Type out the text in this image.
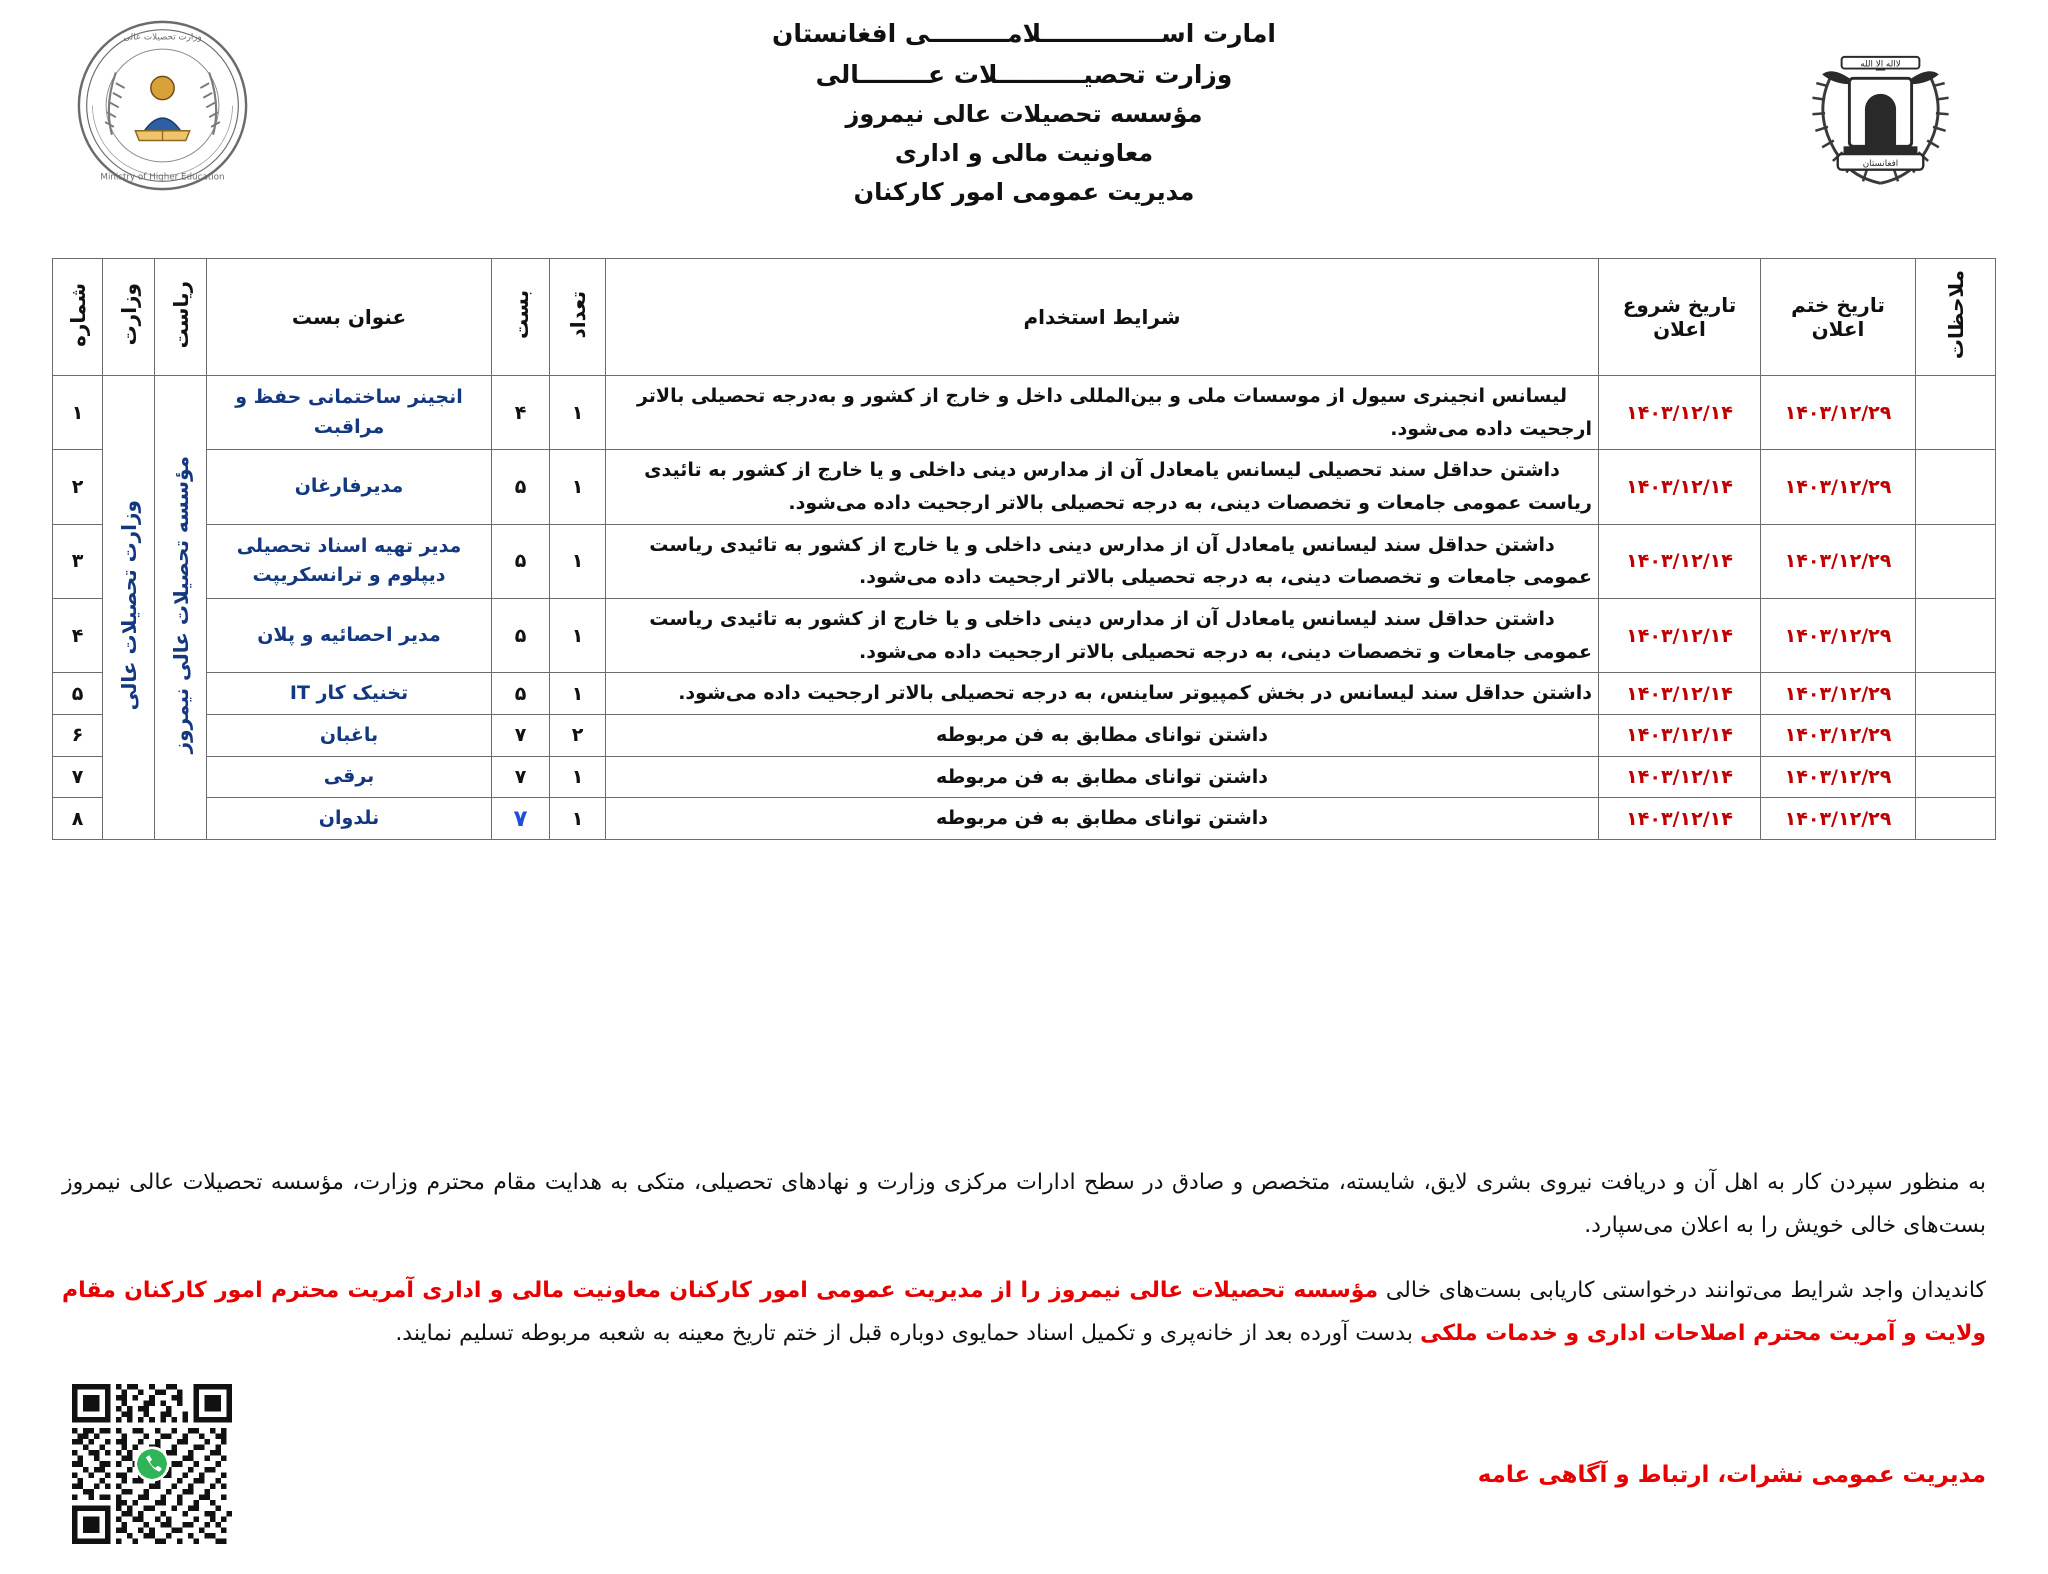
Ministry of Higher Education
وزارت تحصیلات عالی
لااله الا الله
افغانستان
امارت اســــــــــــــلامـــــــــی افغانستان
وزارت تحصیــــــــــلات عــــــــالی
مؤسسه تحصیلات عالی نیمروز
معاونیت مالی و اداری
مدیریت عمومی امور کارکنان
ملاحظات	تاریخ ختم اعلان	تاریخ شروع اعلان	شرایط استخدام	تعداد	بست	عنوان بست	ریاست	وزارت	شماره
	۱۴۰۳/۱۲/۲۹	۱۴۰۳/۱۲/۱۴	لیسانس انجینری سیول از موسسات ملی و بین‌المللی داخل و خارج از کشور و به‌درجه تحصیلی بالاتر ارجحیت داده می‌شود.	۱	۴	انجینر ساختمانی حفظ و مراقبت	مؤسسه تحصیلات عالی نیمروز	وزارت تحصیلات عالی	۱
	۱۴۰۳/۱۲/۲۹	۱۴۰۳/۱۲/۱۴	داشتن حداقل سند تحصیلی لیسانس یامعادل آن از مدارس دینی داخلی و یا خارج از کشور به تائیدی ریاست عمومی جامعات و تخصصات دینی، به درجه تحصیلی بالاتر ارجحیت داده می‌شود.	۱	۵	مدیرفارغان			۲
	۱۴۰۳/۱۲/۲۹	۱۴۰۳/۱۲/۱۴	داشتن حداقل سند لیسانس یامعادل آن از مدارس دینی داخلی و یا خارج از کشور به تائیدی ریاست عمومی جامعات و تخصصات دینی، به درجه تحصیلی بالاتر ارجحیت داده می‌شود.	۱	۵	مدیر تهیه اسناد تحصیلی دیپلوم و ترانسکریپت			۳
	۱۴۰۳/۱۲/۲۹	۱۴۰۳/۱۲/۱۴	داشتن حداقل سند لیسانس یامعادل آن از مدارس دینی داخلی و یا خارج از کشور به تائیدی ریاست عمومی جامعات و تخصصات دینی، به درجه تحصیلی بالاتر ارجحیت داده می‌شود.	۱	۵	مدیر احصائیه و پلان			۴
	۱۴۰۳/۱۲/۲۹	۱۴۰۳/۱۲/۱۴	داشتن حداقل سند لیسانس در بخش کمپیوتر ساینس، به درجه تحصیلی بالاتر ارجحیت داده می‌شود.	۱	۵	تخنیک کار IT			۵
	۱۴۰۳/۱۲/۲۹	۱۴۰۳/۱۲/۱۴	داشتن توانای مطابق به فن مربوطه	۲	۷	باغبان			۶
	۱۴۰۳/۱۲/۲۹	۱۴۰۳/۱۲/۱۴	داشتن توانای مطابق به فن مربوطه	۱	۷	برقی			۷
	۱۴۰۳/۱۲/۲۹	۱۴۰۳/۱۲/۱۴	داشتن توانای مطابق به فن مربوطه	۱	۷	نلدوان			۸

به منظور سپردن کار به اهل آن و دریافت نیروی بشری لایق، شایسته، متخصص و صادق در سطح ادارات مرکزی وزارت و نهادهای تحصیلی، متکی به هدایت مقام محترم وزارت، مؤسسه تحصیلات عالی نیمروز بست‌های خالی خویش را به اعلان می‌سپارد.

کاندیدان واجد شرایط می‌توانند درخواستی کاریابی بست‌های خالی مؤسسه تحصیلات عالی نیمروز را از مدیریت عمومی امور کارکنان معاونیت مالی و اداری آمریت محترم امور کارکنان مقام ولایت و آمریت محترم اصلاحات اداری و خدمات ملکی بدست آورده بعد از خانه‌پری و تکمیل اسناد حمایوی دوباره قبل از ختم تاریخ معینه به شعبه مربوطه تسلیم نمایند.

مدیریت عمومی نشرات، ارتباط و آگاهی عامه
